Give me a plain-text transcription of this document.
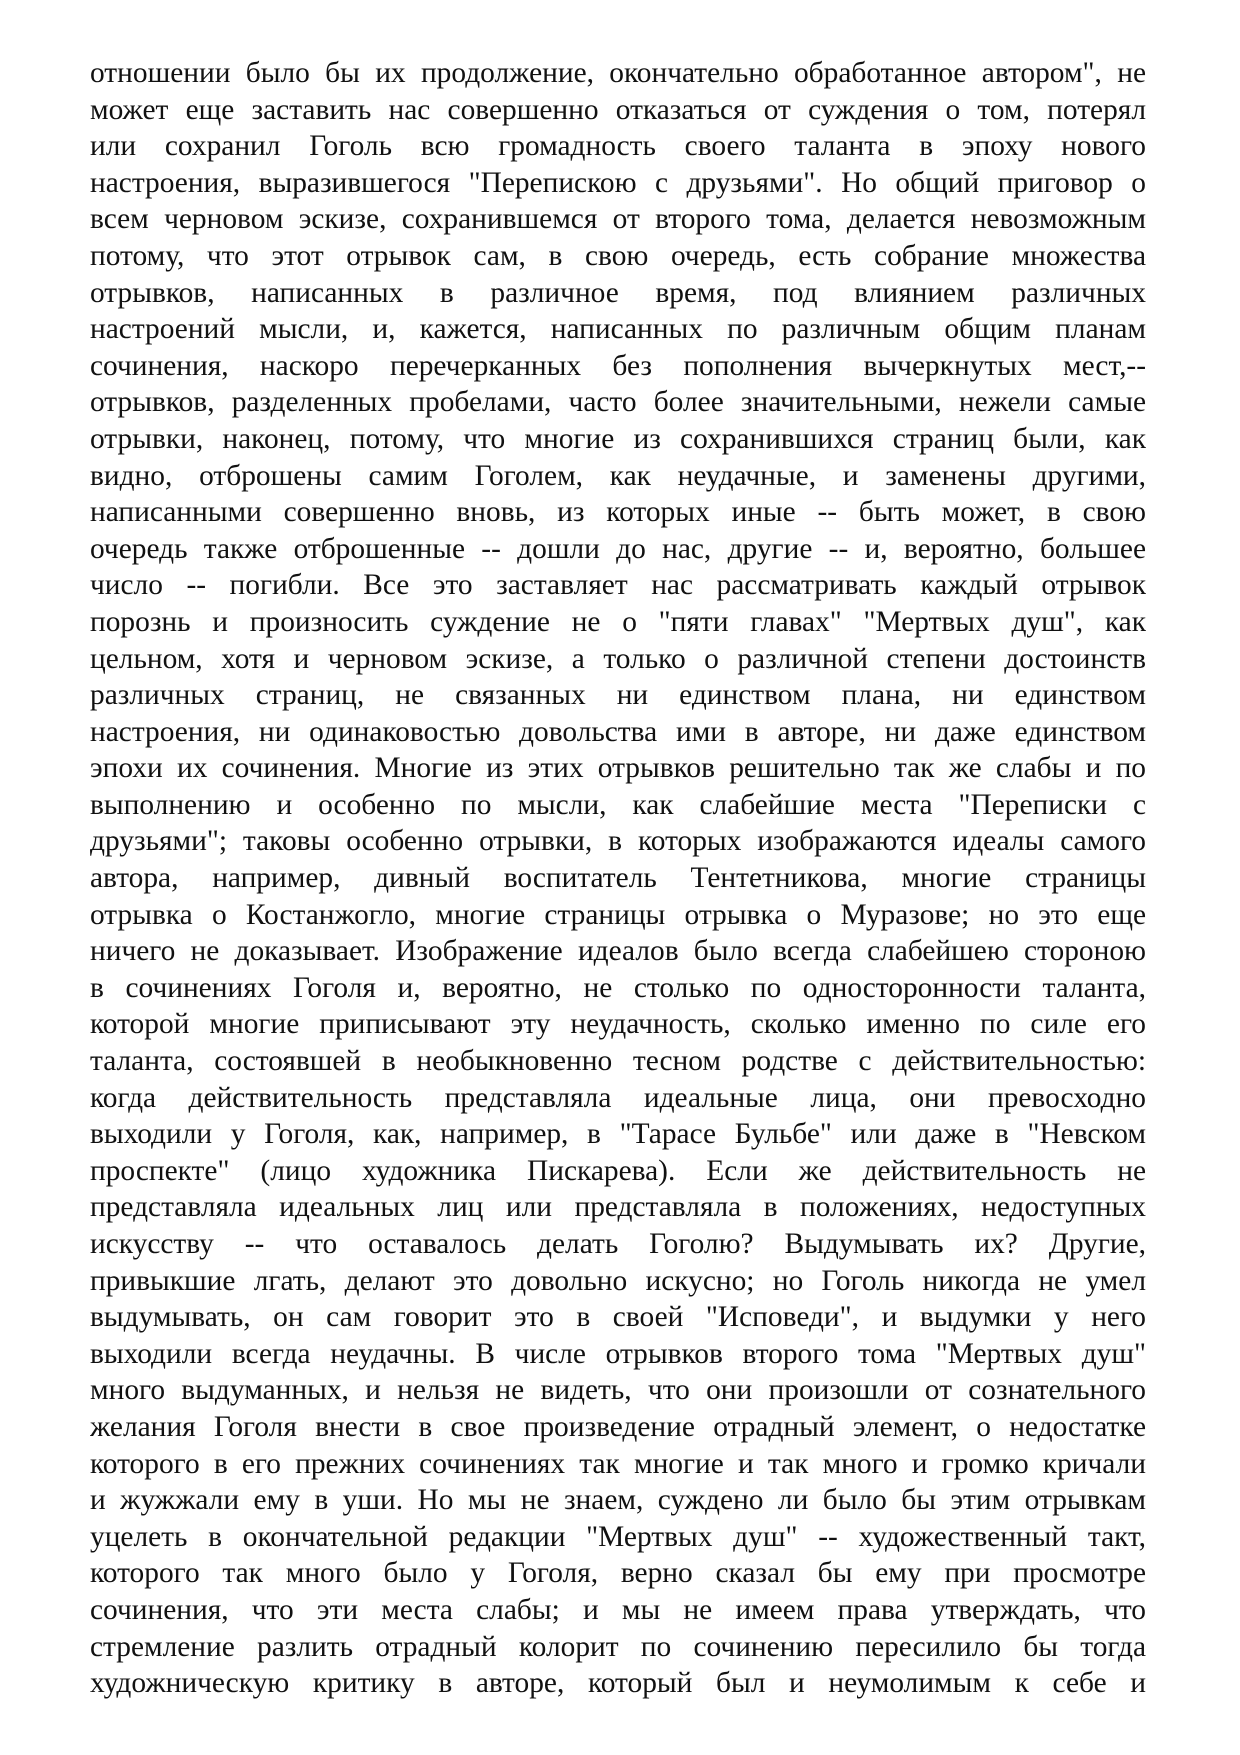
отношении было бы их продолжение, окончательно обработанное автором", не
может еще заставить нас совершенно отказаться от суждения о том, потерял
или сохранил Гоголь всю громадность своего таланта в эпоху нового
настроения, выразившегося "Перепискою с друзьями". Но общий приговор о
всем черновом эскизе, сохранившемся от второго тома, делается невозможным
потому, что этот отрывок сам, в свою очередь, есть собрание множества
отрывков, написанных в различное время, под влиянием различных
настроений мысли, и, кажется, написанных по различным общим планам
сочинения, наскоро перечерканных без пополнения вычеркнутых мест,--
отрывков, разделенных пробелами, часто более значительными, нежели самые
отрывки, наконец, потому, что многие из сохранившихся страниц были, как
видно, отброшены самим Гоголем, как неудачные, и заменены другими,
написанными совершенно вновь, из которых иные -- быть может, в свою
очередь также отброшенные -- дошли до нас, другие -- и, вероятно, большее
число -- погибли. Все это заставляет нас рассматривать каждый отрывок
порознь и произносить суждение не о "пяти главах" "Мертвых душ", как
цельном, хотя и черновом эскизе, а только о различной степени достоинств
различных страниц, не связанных ни единством плана, ни единством
настроения, ни одинаковостью довольства ими в авторе, ни даже единством
эпохи их сочинения. Многие из этих отрывков решительно так же слабы и по
выполнению и особенно по мысли, как слабейшие места "Переписки с
друзьями"; таковы особенно отрывки, в которых изображаются идеалы самого
автора, например, дивный воспитатель Тентетникова, многие страницы
отрывка о Костанжогло, многие страницы отрывка о Муразове; но это еще
ничего не доказывает. Изображение идеалов было всегда слабейшею стороною
в сочинениях Гоголя и, вероятно, не столько по односторонности таланта,
которой многие приписывают эту неудачность, сколько именно по силе его
таланта, состоявшей в необыкновенно тесном родстве с действительностью:
когда действительность представляла идеальные лица, они превосходно
выходили у Гоголя, как, например, в "Тарасе Бульбе" или даже в "Невском
проспекте" (лицо художника Пискарева). Если же действительность не
представляла идеальных лиц или представляла в положениях, недоступных
искусству -- что оставалось делать Гоголю? Выдумывать их? Другие,
привыкшие лгать, делают это довольно искусно; но Гоголь никогда не умел
выдумывать, он сам говорит это в своей "Исповеди", и выдумки у него
выходили всегда неудачны. В числе отрывков второго тома "Мертвых душ"
много выдуманных, и нельзя не видеть, что они произошли от сознательного
желания Гоголя внести в свое произведение отрадный элемент, о недостатке
которого в его прежних сочинениях так многие и так много и громко кричали
и жужжали ему в уши. Но мы не знаем, суждено ли было бы этим отрывкам
уцелеть в окончательной редакции "Мертвых душ" -- художественный такт,
которого так много было у Гоголя, верно сказал бы ему при просмотре
сочинения, что эти места слабы; и мы не имеем права утверждать, что
стремление разлить отрадный колорит по сочинению пересилило бы тогда
художническую критику в авторе, который был и неумолимым к себе и
